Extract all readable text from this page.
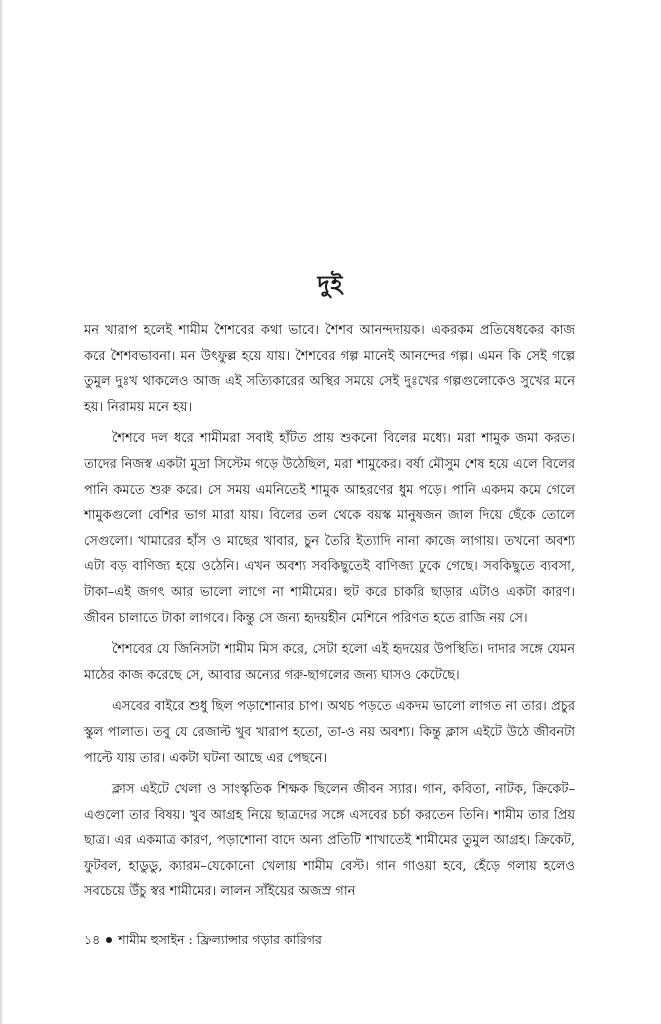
দুই

মন খারাপ হলেই শামীম শৈশবের কথা ভাবে। শৈশব আনন্দদায়ক। একরকম প্রতিষেধকের কাজ করে শৈশবভাবনা। মন উৎফুল্ল হয়ে যায়। শৈশবের গল্প মানেই আনন্দের গল্প। এমন কি সেই গল্পে তুমুল দুঃখ থাকলেও আজ এই সত্যিকারের অস্থির সময়ে সেই দুঃখের গল্পগুলোকেও সুখের মনে হয়। নিরাময় মনে হয়।

শৈশবে দল ধরে শামীমরা সবাই হাঁটত প্রায় শুকনো বিলের মধ্যে। মরা শামুক জমা করত। তাদের নিজস্ব একটা মুদ্রা সিস্টেম গড়ে উঠেছিল, মরা শামুকের। বর্ষা মৌসুম শেষ হয়ে এলে বিলের পানি কমতে শুরু করে। সে সময় এমনিতেই শামুক আহরণের ধুম পড়ে। পানি একদম কমে গেলে শামুকগুলো বেশির ভাগ মারা যায়। বিলের তল থেকে বয়স্ক মানুষজন জাল দিয়ে ছেঁকে তোলে সেগুলো। খামারের হাঁস ও মাছের খাবার, চুন তৈরি ইত্যাদি নানা কাজে লাগায়। তখনো অবশ্য এটা বড় বাণিজ্য হয়ে ওঠেনি। এখন অবশ্য সবকিছুতেই বাণিজ্য ঢুকে গেছে। সবকিছুতে ব্যবসা, টাকা–এই জগৎ আর ভালো লাগে না শামীমের। হুট করে চাকরি ছাড়ার এটাও একটা কারণ। জীবন চালাতে টাকা লাগবে। কিন্তু সে জন্য হৃদয়হীন মেশিনে পরিণত হতে রাজি নয় সে।

শৈশবের যে জিনিসটা শামীম মিস করে, সেটা হলো এই হৃদয়ের উপস্থিতি। দাদার সঙ্গে যেমন মাঠের কাজ করেছে সে, আবার অন্যের গরু-ছাগলের জন্য ঘাসও কেটেছে।

এসবের বাইরে শুধু ছিল পড়াশোনার চাপ। অথচ পড়তে একদম ভালো লাগত না তার। প্রচুর স্কুল পালাত। তবু যে রেজাল্ট খুব খারাপ হতো, তা-ও নয় অবশ্য। কিন্তু ক্লাস এইটে উঠে জীবনটা পাল্টে যায় তার। একটা ঘটনা আছে এর পেছনে।

ক্লাস এইটে খেলা ও সাংস্কৃতিক শিক্ষক ছিলেন জীবন স্যার। গান, কবিতা, নাটক, ক্রিকেট–এগুলো তার বিষয়। খুব আগ্রহ নিয়ে ছাত্রদের সঙ্গে এসবের চর্চা করতেন তিনি। শামীম তার প্রিয় ছাত্র। এর একমাত্র কারণ, পড়াশোনা বাদে অন্য প্রতিটি শাখাতেই শামীমের তুমুল আগ্রহ। ক্রিকেট, ফুটবল, হাডুডু, ক্যারম–যেকোনো খেলায় শামীম বেস্ট। গান গাওয়া হবে, হেঁড়ে গলায় হলেও সবচেয়ে উঁচু স্বর শামীমের। লালন সাঁইয়ের অজস্র গান

১৪ শামীম হুসাইন : ফ্রিল্যান্সার গড়ার কারিগর
